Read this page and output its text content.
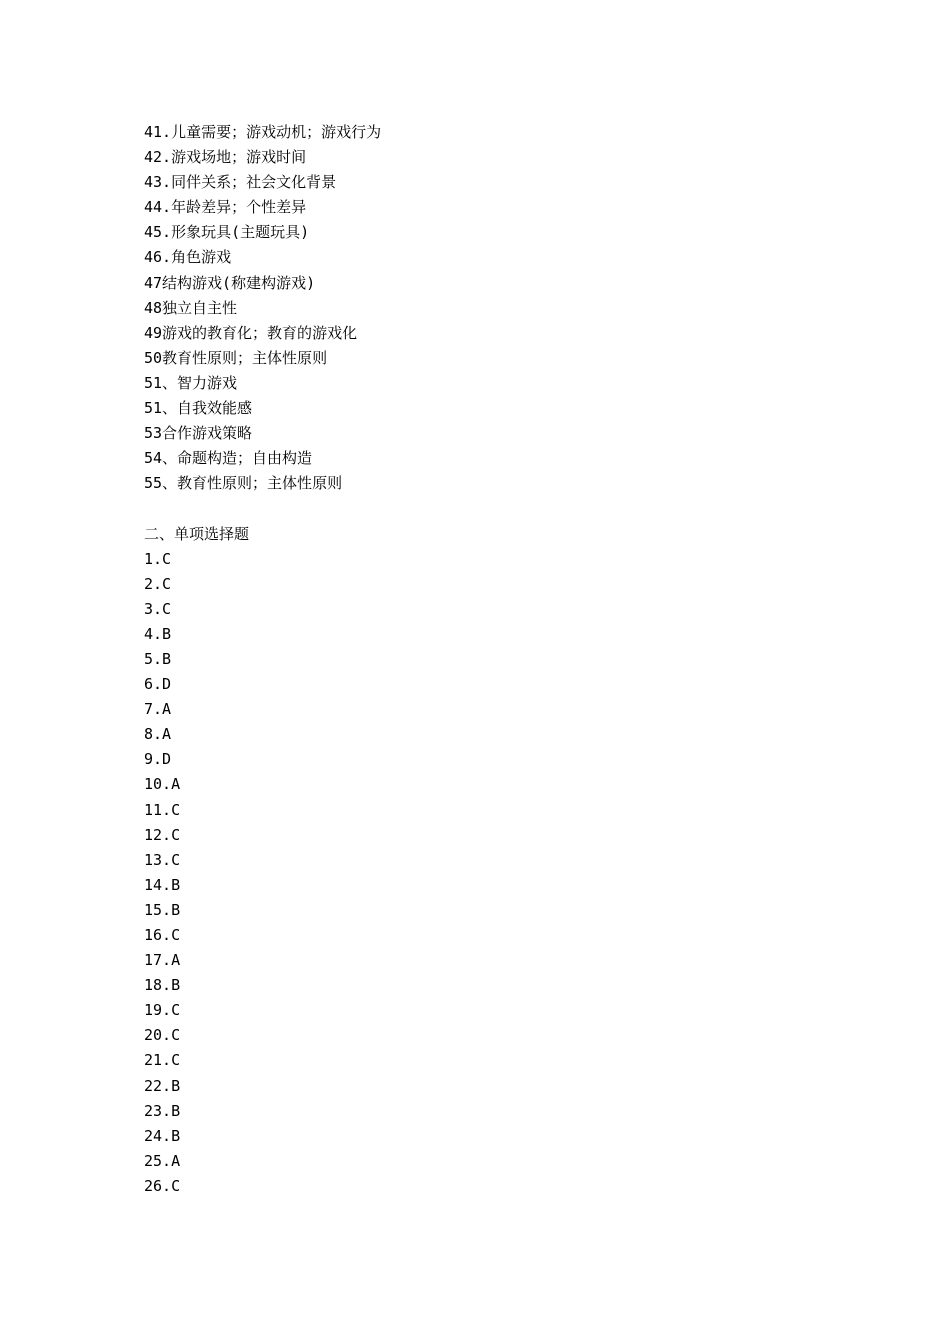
41.儿童需要；游戏动机；游戏行为
42.游戏场地；游戏时间
43.同伴关系；社会文化背景
44.年龄差异；个性差异
45.形象玩具(主题玩具)
46.角色游戏
47结构游戏(称建构游戏)
48独立自主性
49游戏的教育化；教育的游戏化
50教育性原则；主体性原则
51、智力游戏
51、自我效能感
53合作游戏策略
54、命题构造；自由构造
55、教育性原则；主体性原则
二、单项选择题
1.C
2.C
3.C
4.B
5.B
6.D
7.A
8.A
9.D
10.A
11.C
12.C
13.C
14.B
15.B
16.C
17.A
18.B
19.C
20.C
21.C
22.B
23.B
24.B
25.A
26.C
